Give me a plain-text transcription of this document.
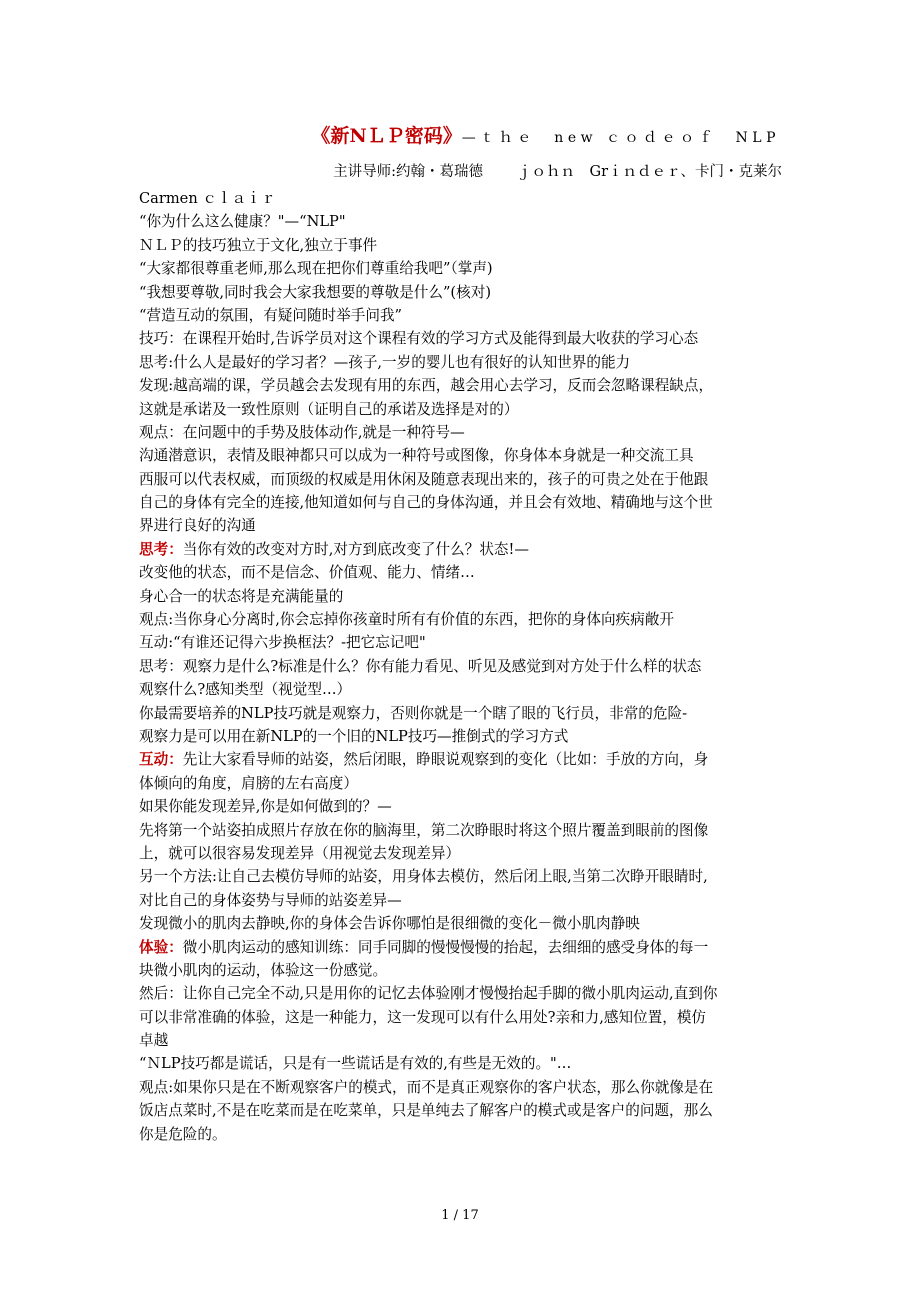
《新NＬＰ密码》—ｔｈｅ　new ｃｏｄｅｏｆ　NLP
主讲导师:约翰・葛瑞德 ｊｏｈｎ　Grｉｎｄｅｒ、卡门・克莱尔
Carmen ｃｌａｉｒ
“你为什么这么健康？"—“NLP"
ＮＬＰ的技巧独立于文化,独立于事件
“大家都很尊重老师,那么现在把你们尊重给我吧”（掌声)
“我想要尊敬,同时我会大家我想要的尊敬是什么”(核对)
“营造互动的氛围，有疑问随时举手问我”
技巧：在课程开始时,告诉学员对这个课程有效的学习方式及能得到最大收获的学习心态
思考:什么人是最好的学习者？—孩子,一岁的婴儿也有很好的认知世界的能力
发现:越高端的课，学员越会去发现有用的东西，越会用心去学习，反而会忽略课程缺点，
这就是承诺及一致性原则（证明自己的承诺及选择是对的）
观点：在问题中的手势及肢体动作,就是一种符号—
沟通潜意识，表情及眼神都只可以成为一种符号或图像，你身体本身就是一种交流工具
西服可以代表权威，而顶级的权威是用休闲及随意表现出来的，孩子的可贵之处在于他跟
自己的身体有完全的连接,他知道如何与自己的身体沟通，并且会有效地、精确地与这个世
界进行良好的沟通
思考：当你有效的改变对方时,对方到底改变了什么？状态!—
改变他的状态，而不是信念、价值观、能力、情绪…
身心合一的状态将是充满能量的
观点:当你身心分离时,你会忘掉你孩童时所有有价值的东西，把你的身体向疾病敞开
互动:“有谁还记得六步换框法？-把它忘记吧"
思考：观察力是什么?标准是什么？你有能力看见、听见及感觉到对方处于什么样的状态
观察什么?感知类型（视觉型…）
你最需要培养的NLP技巧就是观察力，否则你就是一个瞎了眼的飞行员，非常的危险-
观察力是可以用在新NLP的一个旧的NLP技巧—推倒式的学习方式
互动：先让大家看导师的站姿，然后闭眼，睁眼说观察到的变化（比如：手放的方向，身
体倾向的角度，肩膀的左右高度）
如果你能发现差异,你是如何做到的？—
先将第一个站姿拍成照片存放在你的脑海里，第二次睁眼时将这个照片覆盖到眼前的图像
上，就可以很容易发现差异（用视觉去发现差异）
另一个方法:让自己去模仿导师的站姿，用身体去模仿，然后闭上眼,当第二次睁开眼睛时,
对比自己的身体姿势与导师的站姿差异—
发现微小的肌肉去静映,你的身体会告诉你哪怕是很细微的变化－微小肌肉静映
体验：微小肌肉运动的感知训练：同手同脚的慢慢慢慢的抬起，去细细的感受身体的每一
块微小肌肉的运动，体验这一份感觉。
然后：让你自己完全不动,只是用你的记忆去体验刚才慢慢抬起手脚的微小肌肉运动,直到你
可以非常准确的体验，这是一种能力，这一发现可以有什么用处?亲和力,感知位置，模仿
卓越
“ＮLP技巧都是谎话，只是有一些谎话是有效的,有些是无效的。"…
观点:如果你只是在不断观察客户的模式，而不是真正观察你的客户状态，那么你就像是在
饭店点菜时,不是在吃菜而是在吃菜单，只是单纯去了解客户的模式或是客户的问题，那么
你是危险的。
1 / 17
